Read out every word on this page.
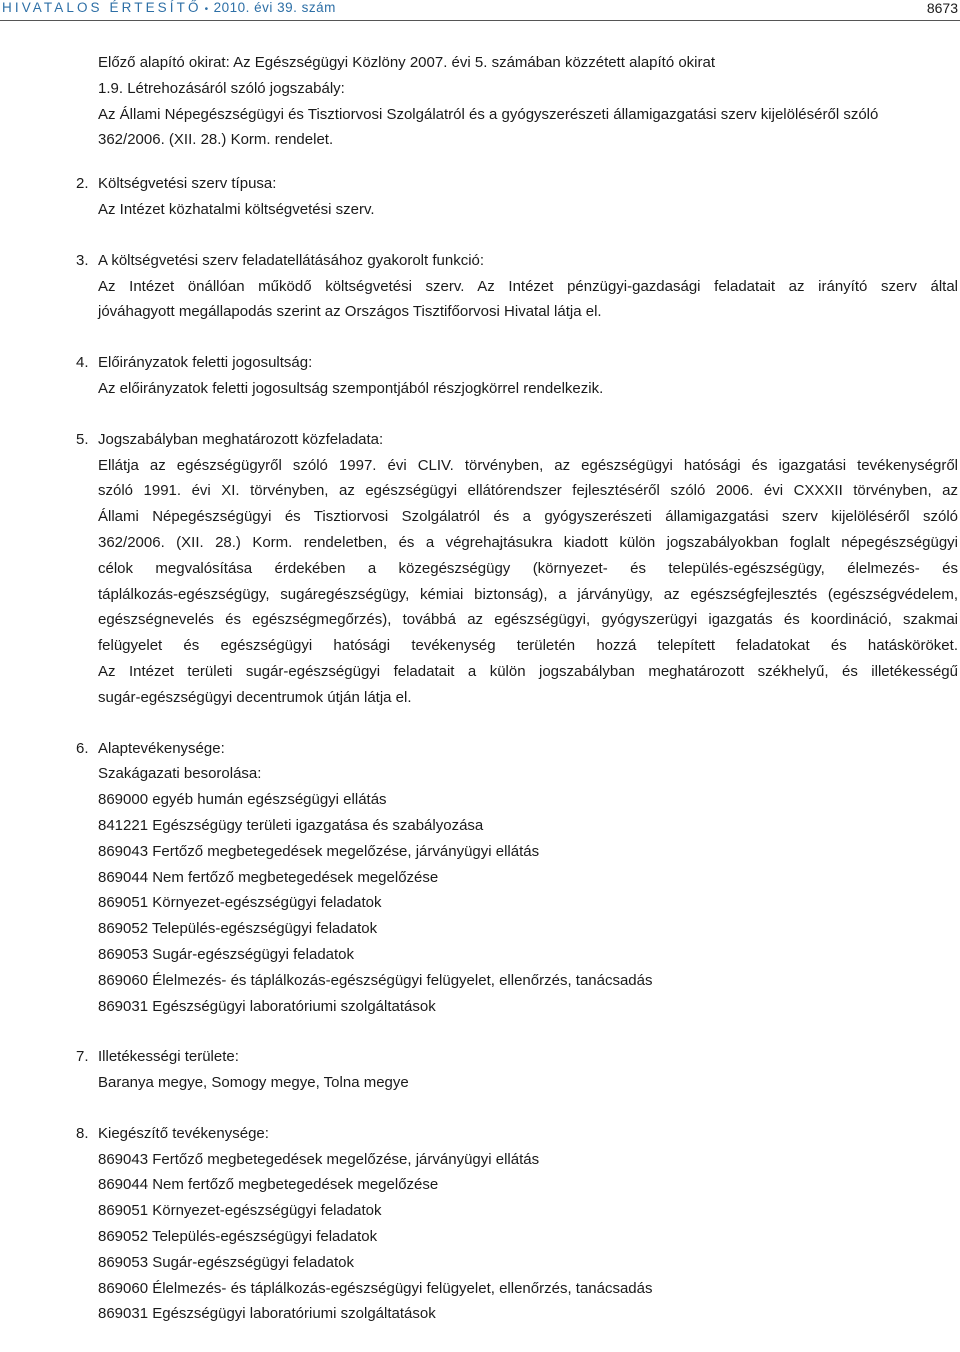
HIVATALOS ÉRTESÍTŐ • 2010. évi 39. szám	8673
Előző alapító okirat: Az Egészségügyi Közlöny 2007. évi 5. számában közzétett alapító okirat
1.9. Létrehozásáról szóló jogszabály:
Az Állami Népegészségügyi és Tisztiorvosi Szolgálatról és a gyógyszerészeti államigazgatási szerv kijelöléséről szóló
362/2006. (XII. 28.) Korm. rendelet.
2. Költségvetési szerv típusa:
Az Intézet közhatalmi költségvetési szerv.
3. A költségvetési szerv feladatellátásához gyakorolt funkció:
Az Intézet önállóan működő költségvetési szerv. Az Intézet pénzügyi-gazdasági feladatait az irányító szerv által
jóváhagyott megállapodás szerint az Országos Tisztifőorvosi Hivatal látja el.
4. Előirányzatok feletti jogosultság:
Az előirányzatok feletti jogosultság szempontjából részjogkörrel rendelkezik.
5. Jogszabályban meghatározott közfeladata:
Ellátja az egészségügyről szóló 1997. évi CLIV. törvényben, az egészségügyi hatósági és igazgatási tevékenységről
szóló 1991. évi XI. törvényben, az egészségügyi ellátórendszer fejlesztéséről szóló 2006. évi CXXXII törvényben, az
Állami Népegészségügyi és Tisztiorvosi Szolgálatról és a gyógyszerészeti államigazgatási szerv kijelöléséről szóló
362/2006. (XII. 28.) Korm. rendeletben, és a végrehajtásukra kiadott külön jogszabályokban foglalt népegészségügyi
célok megvalósítása érdekében a közegészségügy (környezet- és település-egészségügy, élelmezés- és
táplálkozás-egészségügy, sugáregészségügy, kémiai biztonság), a járványügy, az egészségfejlesztés (egészségvédelem,
egészségnevelés és egészségmegőrzés), továbbá az egészségügyi, gyógyszerügyi igazgatás és koordináció, szakmai
felügyelet és egészségügyi hatósági tevékenység területén hozzá telepített feladatokat és hatásköröket.
Az Intézet területi sugár-egészségügyi feladatait a külön jogszabályban meghatározott székhelyű, és illetékességű
sugár-egészségügyi decentrumok útján látja el.
6. Alaptevékenysége:
Szakágazati besorolása:
869000 egyéb humán egészségügyi ellátás
841221 Egészségügy területi igazgatása és szabályozása
869043 Fertőző megbetegedések megelőzése, járványügyi ellátás
869044 Nem fertőző megbetegedések megelőzése
869051 Környezet-egészségügyi feladatok
869052 Település-egészségügyi feladatok
869053 Sugár-egészségügyi feladatok
869060 Élelmezés- és táplálkozás-egészségügyi felügyelet, ellenőrzés, tanácsadás
869031 Egészségügyi laboratóriumi szolgáltatások
7. Illetékességi területe:
Baranya megye, Somogy megye, Tolna megye
8. Kiegészítő tevékenysége:
869043 Fertőző megbetegedések megelőzése, járványügyi ellátás
869044 Nem fertőző megbetegedések megelőzése
869051 Környezet-egészségügyi feladatok
869052 Település-egészségügyi feladatok
869053 Sugár-egészségügyi feladatok
869060 Élelmezés- és táplálkozás-egészségügyi felügyelet, ellenőrzés, tanácsadás
869031 Egészségügyi laboratóriumi szolgáltatások
